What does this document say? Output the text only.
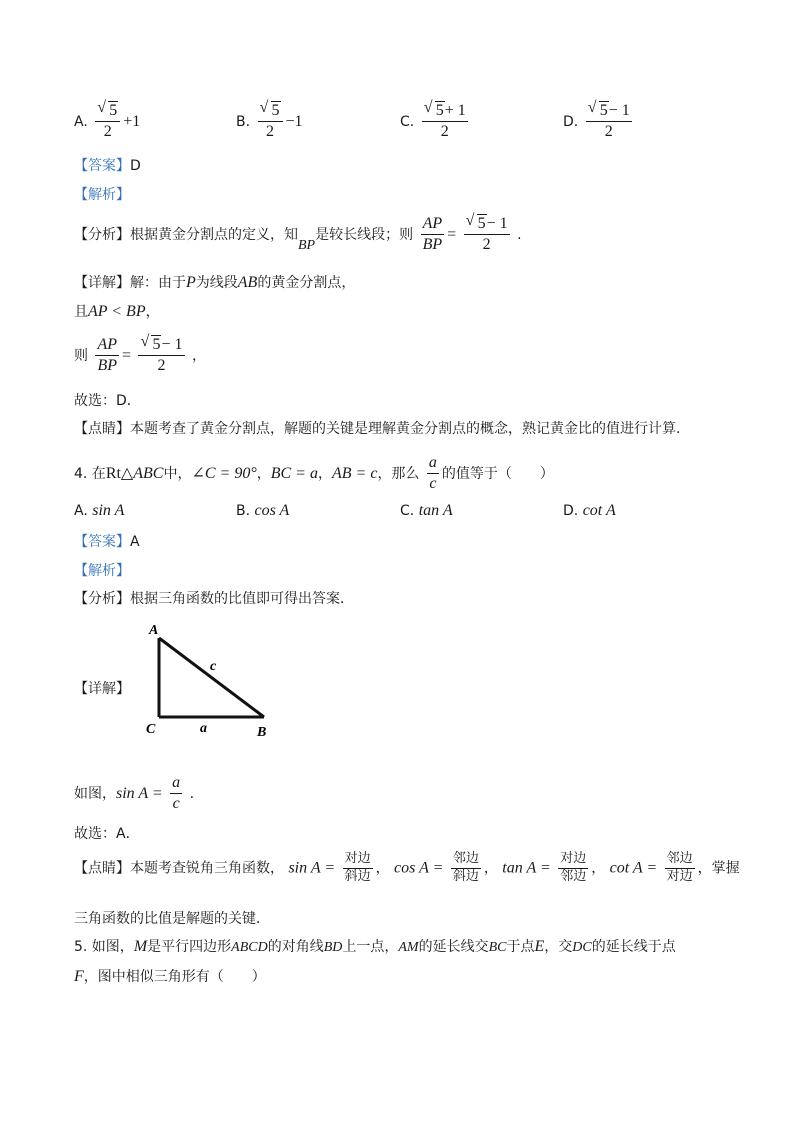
A. $\frac{√ 5}{2} +1$	B. $\frac{√ 5}{2} -1$	C. $\frac{√ 5+ 1}{2}$	D. $\frac{√ 5- 1}{2}$
【答案】D
【解析】
【分析】根据黄金分割点的定义，知BP是较长线段；则 $\frac{AP}{BP} = \frac{√ 5- 1}{2}$ .
【详解】解：由于P为线段AB的黄金分割点，
且AP < BP，
则 $\frac{AP}{BP} = \frac{√ 5- 1}{2}$ ，
故选：D．
【点睛】本题考查了黄金分割点，解题的关键是理解黄金分割点的概念，熟记黄金比的值进行计算．
4. 在Rt△ABC中，∠C = 90°，BC = a，AB = c，那么 $\frac{a}{c}$ 的值等于（　　）
A. sin A	B. cos A	C. tan A	D. cot A
【答案】A
【解析】
【分析】根据三角函数的比值即可得出答案．
【详解】
A
C	B
a
c
如图，$\sin A = \frac{a}{c}$ .
故选：A．
【点睛】本题考查锐角三角函数， $\sin A = \frac{\text{对边}}{\text{斜边}}$ ， $\cos A = \frac{\text{邻边}}{\text{斜边}}$ ， $\tan A = \frac{\text{对边}}{\text{邻边}}$ ， $\cot A = \frac{\text{邻边}}{\text{对边}}$ ，掌握
三角函数的比值是解题的关键．
5. 如图，M是平行四边形ABCD的对角线BD上一点，AM的延长线交BC于点E，交DC的延长线于点
F，图中相似三角形有（　　）
